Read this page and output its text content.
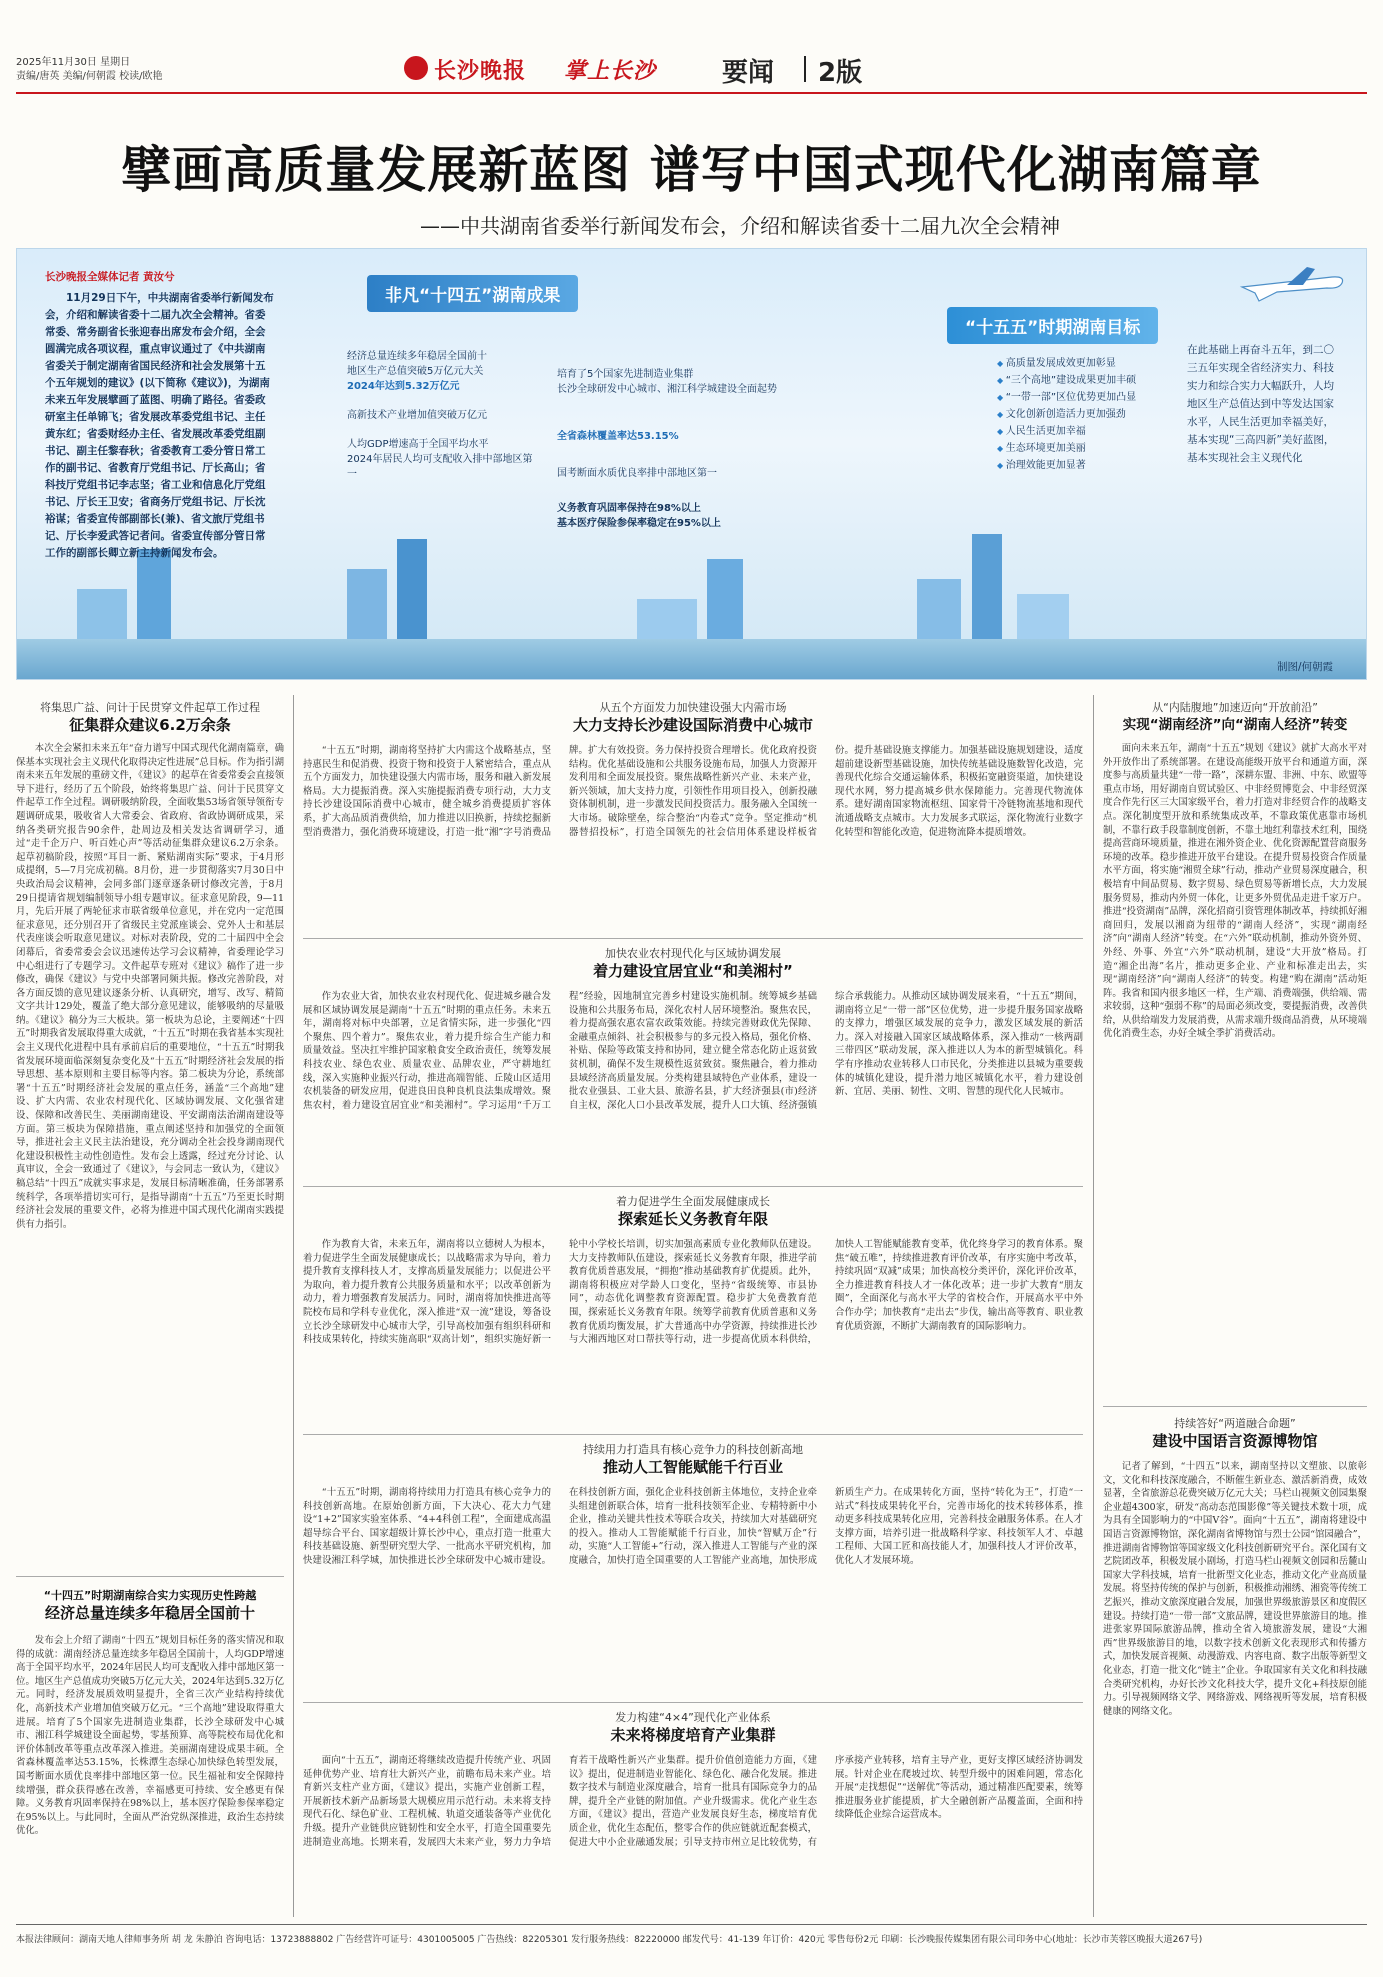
2025年11月30日 星期日
责编/唐英 美编/何朝霞 校读/欧艳	长沙晚报 掌上长沙	要闻 2版
擘画高质量发展新蓝图 谱写中国式现代化湖南篇章
——中共湖南省委举行新闻发布会，介绍和解读省委十二届九次全会精神
长沙晚报全媒体记者 黄汝兮
11月29日下午，中共湖南省委举行新闻发布会，介绍和解读省委十二届九次全会精神。省委常委、常务副省长张迎春出席发布会介绍，全会圆满完成各项议程，重点审议通过了《中共湖南省委关于制定湖南省国民经济和社会发展第十五个五年规划的建议》(以下简称《建议》)，为湖南未来五年发展擘画了蓝图、明确了路径。省委政研室主任单锦飞；省发展改革委党组书记、主任黄东红；省委财经办主任、省发展改革委党组副书记、副主任黎春秋；省委教育工委分管日常工作的副书记、省教育厅党组书记、厅长高山；省科技厅党组书记李志坚；省工业和信息化厅党组书记、厅长王卫安；省商务厅党组书记、厅长沈裕谋；省委宣传部副部长(兼)、省文旅厅党组书记、厅长李爱武答记者问。省委宣传部分管日常工作的副部长卿立新主持新闻发布会。
非凡“十四五”湖南成果
经济总量连续多年稳居全国前十
地区生产总值突破5万亿元大关
2024年达到5.32万亿元
高新技术产业增加值突破万亿元
人均GDP增速高于全国平均水平
2024年居民人均可支配收入排中部地区第一
培育了5个国家先进制造业集群
长沙全球研发中心城市、湘江科学城建设全面起势
全省森林覆盖率达53.15%
国考断面水质优良率排中部地区第一
义务教育巩固率保持在98%以上
基本医疗保险参保率稳定在95%以上
“十五五”时期湖南目标
◆ 高质量发展成效更加彰显
◆ “三个高地”建设成果更加丰硕
◆ “一带一部”区位优势更加凸显
◆ 文化创新创造活力更加强劲
◆ 人民生活更加幸福
◆ 生态环境更加美丽
◆ 治理效能更加显著
在此基础上再奋斗五年，到二〇三五年实现全省经济实力、科技实力和综合实力大幅跃升，人均地区生产总值达到中等发达国家水平，人民生活更加幸福美好，基本实现“三高四新”美好蓝图，基本实现社会主义现代化
制图/何朝霞
将集思广益、问计于民贯穿文件起草工作过程
征集群众建议6.2万余条
本次全会紧扣未来五年“奋力谱写中国式现代化湖南篇章，确保基本实现社会主义现代化取得决定性进展”总目标。作为指引湖南未来五年发展的重磅文件，《建议》的起草在省委常委会直接领导下进行，经历了五个阶段，始终将集思广益、问计于民贯穿文件起草工作全过程。调研吸纳阶段，全面收集53场省领导领衔专题调研成果，吸收省人大常委会、省政府、省政协调研成果，采纳各类研究报告90余件，赴周边及相关发达省调研学习，通过“走千企万户、听百姓心声”等活动征集群众建议6.2万余条。起草初稿阶段，按照“耳目一新、紧贴湖南实际”要求，于4月形成提纲，5—7月完成初稿。8月份，进一步贯彻落实7月30日中央政治局会议精神，会同多部门逐章逐条研讨修改完善，于8月29日提请省规划编制领导小组专题审议。征求意见阶段，9—11月，先后开展了两轮征求市联省级单位意见，并在党内一定范围征求意见，还分别召开了省级民主党派座谈会、党外人士和基层代表座谈会听取意见建议。对标对表阶段，党的二十届四中全会闭幕后，省委常委会会议迅速传达学习会议精神，省委理论学习中心组进行了专题学习。文件起草专班对《建议》稿作了进一步修改，确保《建议》与党中央部署同频共振。修改完善阶段，对各方面反馈的意见建议逐条分析、认真研究，增写、改写、精简文字共计129处，覆盖了绝大部分意见建议，能够吸纳的尽量吸纳。《建议》稿分为三大板块。第一板块为总论，主要阐述“十四五”时期我省发展取得重大成就，“十五五”时期在我省基本实现社会主义现代化进程中具有承前启后的重要地位，“十五五”时期我省发展环境面临深刻复杂变化及“十五五”时期经济社会发展的指导思想、基本原则和主要目标等内容。第二板块为分论，系统部署“十五五”时期经济社会发展的重点任务，涵盖“三个高地”建设、扩大内需、农业农村现代化、区域协调发展、文化强省建设、保障和改善民生、美丽湖南建设、平安湖南法治湖南建设等方面。第三板块为保障措施，重点阐述坚持和加强党的全面领导，推进社会主义民主法治建设，充分调动全社会投身湖南现代化建设积极性主动性创造性。发布会上透露，经过充分讨论、认真审议，全会一致通过了《建议》，与会同志一致认为，《建议》稿总结“十四五”成就实事求是，发展目标清晰准确，任务部署系统科学，各项举措切实可行，是指导湖南“十五五”乃至更长时期经济社会发展的重要文件，必将为推进中国式现代化湖南实践提供有力指引。
“十四五”时期湖南综合实力实现历史性跨越
经济总量连续多年稳居全国前十
发布会上介绍了湖南“十四五”规划目标任务的落实情况和取得的成就：湖南经济总量连续多年稳居全国前十，人均GDP增速高于全国平均水平，2024年居民人均可支配收入排中部地区第一位。地区生产总值成功突破5万亿元大关，2024年达到5.32万亿元。同时，经济发展质效明显提升，全省三次产业结构持续优化，高新技术产业增加值突破万亿元。“三个高地”建设取得重大进展。培育了5个国家先进制造业集群，长沙全球研发中心城市、湘江科学城建设全面起势，零基预算、高等院校布局优化和评价体制改革等重点改革深入推进。美丽湖南建设成果丰硕。全省森林覆盖率达53.15%，长株潭生态绿心加快绿色转型发展，国考断面水质优良率排中部地区第一位。民生福祉和安全保障持续增强，群众获得感在改善，幸福感更可持续、安全感更有保障。义务教育巩固率保持在98%以上，基本医疗保险参保率稳定在95%以上。与此同时，全面从严治党纵深推进，政治生态持续优化。
从五个方面发力加快建设强大内需市场
大力支持长沙建设国际消费中心城市
“十五五”时期，湖南将坚持扩大内需这个战略基点，坚持惠民生和促消费、投资于物和投资于人紧密结合，重点从五个方面发力，加快建设强大内需市场，服务和融入新发展格局。大力提振消费。深入实施提振消费专项行动，大力支持长沙建设国际消费中心城市，健全城乡消费提质扩容体系，扩大高品质消费供给，加力推进以旧换新，持续挖掘新型消费潜力，强化消费环境建设，打造一批“湘”字号消费品牌。扩大有效投资。务力保持投资合理增长。优化政府投资结构。优化基础设施和公共服务设施布局，加强人力资源开发利用和全面发展投资。聚焦战略性新兴产业、未来产业，新兴领域，加大支持力度，引领性作用项目投入，创新投融资体制机制，进一步激发民间投资活力。服务融入全国统一大市场。破除壁垒，综合整治“内卷式”竞争。坚定推动“机器替招投标”，打造全国领先的社会信用体系建设样板省份。提升基础设施支撑能力。加强基础设施规划建设，适度超前建设新型基础设施，加快传统基础设施数智化改造，完善现代化综合交通运输体系，积极拓宽融资渠道，加快建设现代水网，努力提高城乡供水保障能力。完善现代物流体系。建好湖南国家物流枢纽、国家骨干冷链物流基地和现代流通战略支点城市。大力发展多式联运，深化物流行业数字化转型和智能化改造，促进物流降本提质增效。
加快农业农村现代化与区域协调发展
着力建设宜居宜业“和美湘村”
作为农业大省，加快农业农村现代化、促进城乡融合发展和区域协调发展是湖南“十五五”时期的重点任务。未来五年，湖南将对标中央部署，立足省情实际，进一步强化“四个聚焦、四个着力”。聚焦农业，着力提升综合生产能力和质量效益。坚决扛牢维护国家粮食安全政治责任，统筹发展科技农业、绿色农业、质量农业、品牌农业，严守耕地红线，深入实施种业振兴行动，推进高端智能、丘陵山区适用农机装备的研发应用，促进良田良种良机良法集成增效。聚焦农村，着力建设宜居宜业“和美湘村”。学习运用“千万工程”经验，因地制宜完善乡村建设实施机制。统筹城乡基础设施和公共服务布局，深化农村人居环境整治。聚焦农民，着力提高强农惠农富农政策效能。持续完善财政优先保障、金融重点倾斜、社会积极参与的多元投入格局，强化价格、补贴、保险等政策支持和协同，建立健全常态化防止返贫致贫机制，确保不发生规模性返贫致贫。聚焦融合，着力推动县域经济高质量发展。分类构建县域特色产业体系，建设一批农业强县、工业大县、旅游名县，扩大经济强县(市)经济自主权，深化人口小县改革发展，提升人口大镇、经济强镇综合承载能力。从推动区域协调发展来看，“十五五”期间，湖南将立足“一带一部”区位优势，进一步提升服务国家战略的支撑力，增强区域发展的竞争力，激发区域发展的新活力。深入对接融入国家区域战略体系，深入推动“一核两副三带四区”联动发展，深入推进以人为本的新型城镇化。科学有序推动农业转移人口市民化，分类推进以县城为重要载体的城镇化建设，提升潜力地区城镇化水平，着力建设创新、宜居、美丽、韧性、文明、智慧的现代化人民城市。
着力促进学生全面发展健康成长
探索延长义务教育年限
作为教育大省，未来五年，湖南将以立德树人为根本，着力促进学生全面发展健康成长；以战略需求为导向，着力提升教育支撑科技人才，支撑高质量发展能力；以促进公平为取向，着力提升教育公共服务质量和水平；以改革创新为动力，着力增强教育发展活力。同时，湖南将加快推进高等院校布局和学科专业优化，深入推进“双一流”建设，筹备设立长沙全球研发中心城市大学，引导高校加强有组织科研和科技成果转化，持续实施高职“双高计划”，组织实施好新一轮中小学校长培训，切实加强高素质专业化教师队伍建设。大力支持教师队伍建设，探索延长义务教育年限，推进学前教育优质普惠发展，“拥抱”推动基础教育扩优提质。此外，湖南将积极应对学龄人口变化，坚持“省级统筹、市县协同”，动态优化调整教育资源配置。稳步扩大免费教育范围，探索延长义务教育年限。统筹学前教育优质普惠和义务教育优质均衡发展，扩大普通高中办学资源，持续推进长沙与大湘西地区对口帮扶等行动，进一步提高优质本科供给，加快人工智能赋能教育变革，优化终身学习的教育体系。聚焦“破五唯”，持续推进教育评价改革，有序实施中考改革，持续巩固“双减”成果；加快高校分类评价，深化评价改革，全力推进教育科技人才一体化改革；进一步扩大教育“朋友圈”，全面深化与高水平大学的省校合作，开展高水平中外合作办学；加快教育“走出去”步伐，输出高等教育、职业教育优质资源，不断扩大湖南教育的国际影响力。
持续用力打造具有核心竞争力的科技创新高地
推动人工智能赋能千行百业
“十五五”时期，湖南将持续用力打造具有核心竞争力的科技创新高地。在原始创新方面，下大决心、花大力气建设“1+2”国家实验室体系、“4+4科创工程”，全面建成高温超导综合平台、国家超级计算长沙中心，重点打造一批重大科技基础设施、新型研究型大学、一批高水平研究机构，加快建设湘江科学城，加快推进长沙全球研发中心城市建设。在科技创新方面，强化企业科技创新主体地位，支持企业牵头组建创新联合体，培育一批科技领军企业、专精特新中小企业，推动关键共性技术等联合攻关，持续加大对基础研究的投入。推动人工智能赋能千行百业，加快“智赋万企”行动，实施“人工智能+”行动，深入推进人工智能与产业的深度融合，加快打造全国重要的人工智能产业高地，加快形成新质生产力。在成果转化方面，坚持“转化为王”，打造“一站式”科技成果转化平台，完善市场化的技术转移体系，推动更多科技成果转化应用，完善科技金融服务体系。在人才支撑方面，培养引进一批战略科学家、科技领军人才、卓越工程师、大国工匠和高技能人才，加强科技人才评价改革，优化人才发展环境。
发力构建“4×4”现代化产业体系
未来将梯度培育产业集群
面向“十五五”，湖南还将继续改造提升传统产业、巩固延伸优势产业、培育壮大新兴产业，前瞻布局未来产业。培育新兴支柱产业方面，《建议》提出，实施产业创新工程，开展新技术新产品新场景大规模应用示范行动。未来将支持现代石化、绿色矿业、工程机械、轨道交通装备等产业优化升级。提升产业链供应链韧性和安全水平，打造全国重要先进制造业高地。长期来看，发展四大未来产业，努力力争培育若干战略性新兴产业集群。提升价值创造能力方面，《建议》提出，促进制造业智能化、绿色化、融合化发展。推进数字技术与制造业深度融合，培育一批具有国际竞争力的品牌，提升全产业链的附加值。产业升级需求。优化产业生态方面，《建议》提出，营造产业发展良好生态，梯度培育优质企业，优化生态配伍，整零合作的供应链就近配套模式，促进大中小企业融通发展；引导支持市州立足比较优势，有序承接产业转移，培育主导产业，更好支撑区域经济协调发展。针对企业在爬坡过坎、转型升级中的困难问题，常态化开展“走找想促”“送解优”等活动，通过精准匹配要素，统筹推进服务业扩能提质，扩大全融创新产品覆盖面，全面和持续降低企业综合运营成本。
从“内陆腹地”加速迈向“开放前沿”
实现“湖南经济”向“湖南人经济”转变
面向未来五年，湖南“十五五”规划《建议》就扩大高水平对外开放作出了系统部署。在建设高能级开放平台和通道方面，深度参与高质量共建“一带一路”，深耕东盟、非洲、中东、欧盟等重点市场，用好湖南自贸试验区、中非经贸博览会、中非经贸深度合作先行区三大国家级平台，着力打造对非经贸合作的战略支点。深化制度型开放和系统集成改革，不靠政策优惠靠市场机制，不靠行政手段靠制度创新，不靠土地红利靠技术红利，围绕提高营商环境质量，推进在湘外资企业、优化资源配置营商服务环境的改革。稳步推进开放平台建设。在提升贸易投资合作质量水平方面，将实施“湘贸全球”行动，推动产业贸易深度融合，积极培育中间品贸易、数字贸易、绿色贸易等新增长点，大力发展服务贸易，推动内外贸一体化，让更多外贸优品走进千家万户。推进“投资湖南”品牌，深化招商引资管理体制改革，持续抓好湘商回归，发展以湘商为纽带的“湖南人经济”，实现“湖南经济”向“湖南人经济”转变。在“六外”联动机制，推动外资外贸、外经、外事、外宣“六外”联动机制，建设“大开放”格局。打造“湘企出海”名片，推动更多企业、产业和标准走出去，实现“湖南经济”向“湖南人经济”的转变。构建“购在湖南”活动矩阵。我省和国内很多地区一样，生产端、消费端强，供给端、需求较弱，这种“强弱不称”的局面必须改变，要提振消费，改善供给，从供给端发力发展消费，从需求端升级商品消费，从环境端优化消费生态，办好全城全季扩消费活动。
持续答好“两道融合命题”
建设中国语言资源博物馆
记者了解到，“十四五”以来，湖南坚持以文塑旅、以旅彰文，文化和科技深度融合，不断催生新业态、激活新消费，成效显著，全省旅游总花费突破万亿元大关；马栏山视频文创园集聚企业超4300家，研发“高动态范围影像”等关键技术数十项，成为具有全国影响力的“中国V谷”。面向“十五五”，湖南将建设中国语言资源博物馆，深化湖南省博物馆与烈士公园“馆园融合”，推进湖南省博物馆等国家级文化科技创新研究平台。深化国有文艺院团改革，积极发展小剧场，打造马栏山视频文创园和岳麓山国家大学科技城，培育一批新型文化业态，推动文化产业高质量发展。将坚持传统的保护与创新，积极推动湘绣、湘瓷等传统工艺振兴，推动文旅深度融合发展，加强世界级旅游景区和度假区建设。持续打造“一带一部”文旅品牌，建设世界旅游目的地。推进张家界国际旅游品牌，推动全省入境旅游发展，建设“大湘西”世界级旅游目的地，以数字技术创新文化表现形式和传播方式，加快发展音视频、动漫游戏、内容电商、数字出版等新型文化业态，打造一批文化“链主”企业。争取国家有关文化和科技融合类研究机构，办好长沙文化科技大学，提升文化+科技原创能力。引导视频网络文学、网络游戏、网络视听等发展，培育积极健康的网络文化。
本报法律顾问：湖南天地人律师事务所 胡 龙 朱静泊 咨询电话：13723888802 广告经营许可证号：4301005005 广告热线：82205301 发行服务热线：82220000 邮发代号：41-139 年订价：420元 零售每份2元 印刷：长沙晚报传媒集团有限公司印务中心(地址：长沙市芙蓉区晚报大道267号)
